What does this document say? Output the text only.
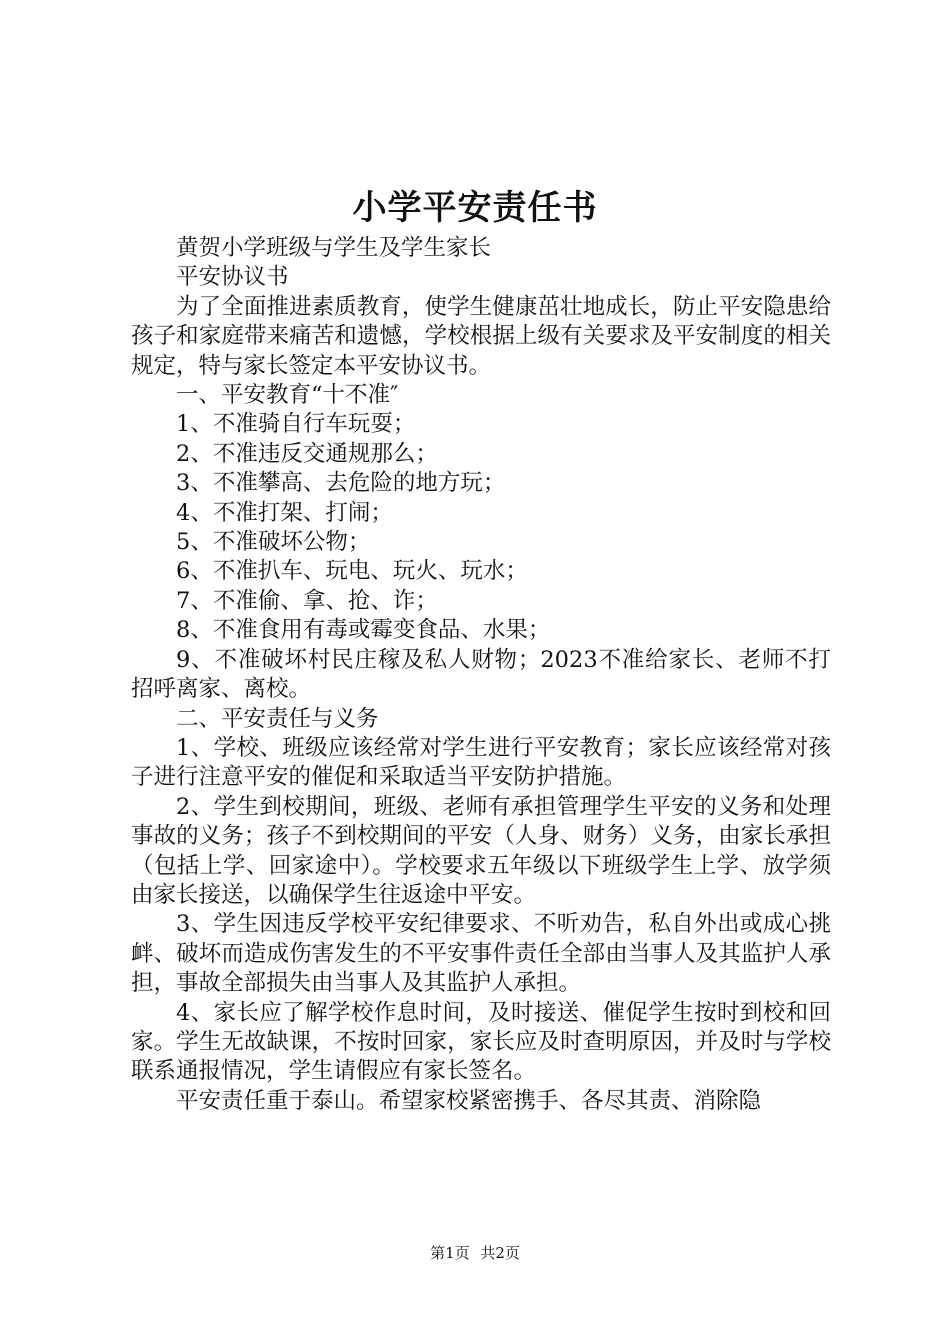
小学平安责任书

黄贺小学班级与学生及学生家长

平安协议书

为了全面推进素质教育，使学生健康茁壮地成长，防止平安隐患给孩子和家庭带来痛苦和遗憾，学校根据上级有关要求及平安制度的相关规定，特与家长签定本平安协议书。

一、平安教育“十不准″

1、不准骑自行车玩耍；

2、不准违反交通规那么；

3、不准攀高、去危险的地方玩；

4、不准打架、打闹；

5、不准破坏公物；

6、不准扒车、玩电、玩火、玩水；

7、不准偷、拿、抢、诈；

8、不准食用有毒或霉变食品、水果；

9、不准破坏村民庄稼及私人财物；2023不准给家长、老师不打招呼离家、离校。

二、平安责任与义务

1、学校、班级应该经常对学生进行平安教育；家长应该经常对孩子进行注意平安的催促和采取适当平安防护措施。

2、学生到校期间，班级、老师有承担管理学生平安的义务和处理事故的义务；孩子不到校期间的平安（人身、财务）义务，由家长承担（包括上学、回家途中）。学校要求五年级以下班级学生上学、放学须由家长接送，以确保学生往返途中平安。

3、学生因违反学校平安纪律要求、不听劝告，私自外出或成心挑衅、破坏而造成伤害发生的不平安事件责任全部由当事人及其监护人承担，事故全部损失由当事人及其监护人承担。

4、家长应了解学校作息时间，及时接送、催促学生按时到校和回家。学生无故缺课，不按时回家，家长应及时查明原因，并及时与学校联系通报情况，学生请假应有家长签名。

平安责任重于泰山。希望家校紧密携手、各尽其责、消除隐

第1页 共2页
